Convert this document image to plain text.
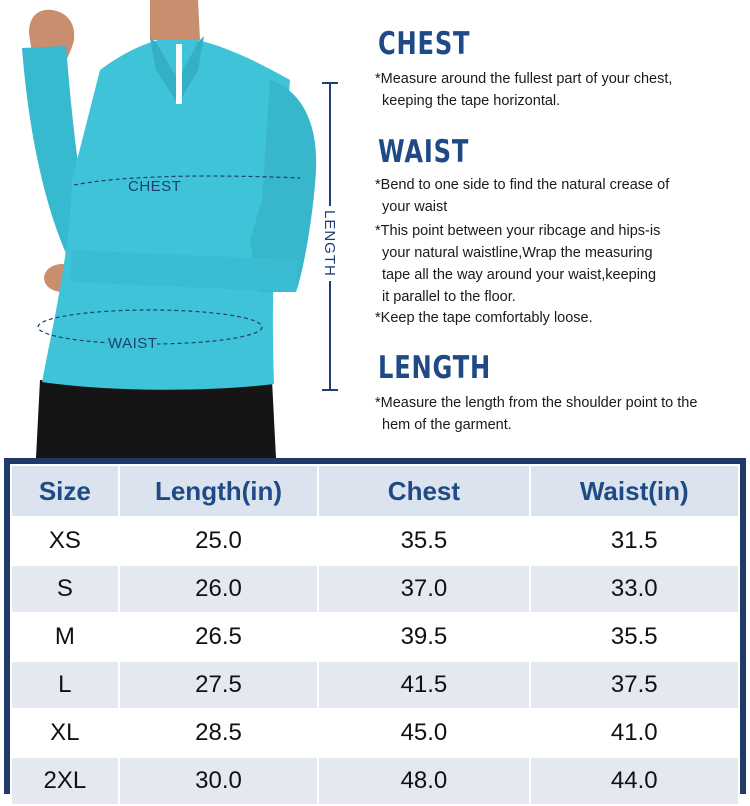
CHEST
WAIST
LENGTH
CHEST
*Measure around the fullest part of your chest,
keeping the tape horizontal.
WAIST
*Bend to one side to find the natural crease of
your waist
*This point between your ribcage and hips-is
your natural waistline,Wrap the measuring
tape all the way around your waist,keeping
it parallel to the floor.
*Keep the tape comfortably loose.
LENGTH
*Measure the length from the shoulder point to the
hem of the garment.
Size	Length(in)	Chest	Waist(in)
XS	25.0	35.5	31.5
S	26.0	37.0	33.0
M	26.5	39.5	35.5
L	27.5	41.5	37.5
XL	28.5	45.0	41.0
2XL	30.0	48.0	44.0
